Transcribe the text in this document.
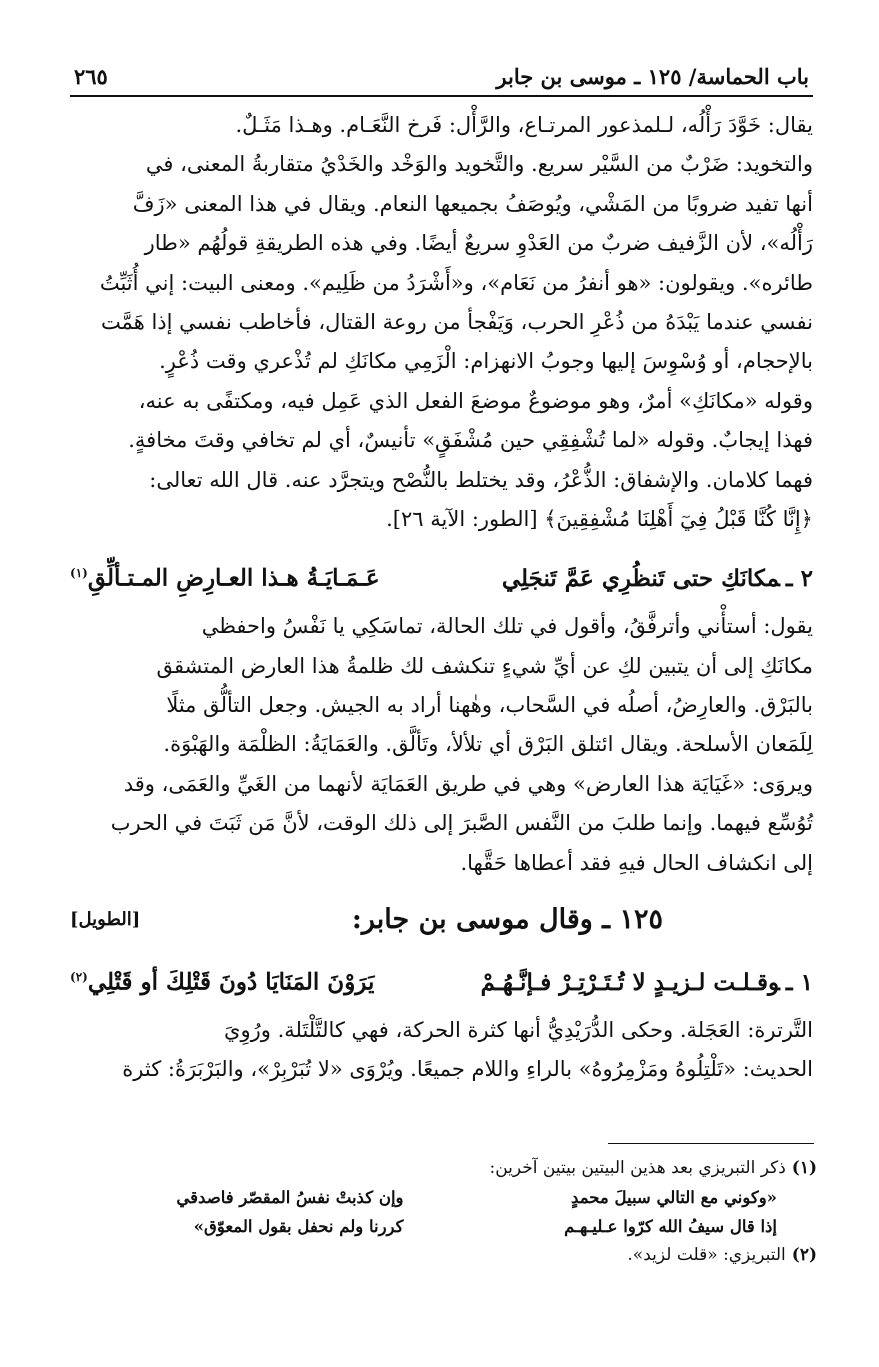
باب الحماسة/ ١٢٥ ـ موسى بن جابر
٢٦٥

يقال: خَوَّدَ رَأْلُه، لـلمذعور المرتـاع، والرَّأْل: فَرخ النَّعَـام. وهـذا مَثَـلٌ.

والتخويد: ضَرْبٌ من السَّيْر سريع. والتَّخويد والوَخْد والخَدْيُ متقاربةُ المعنى، في

أنها تفيد ضروبًا من المَشْي، ويُوصَفُ بجميعها النعام. ويقال في هذا المعنى «زَفَّ

رَأْلُه»، لأن الزَّفيف ضربٌ من العَدْوِ سريعٌ أيضًا. وفي هذه الطريقةِ قولُهُم «طار

طائره». ويقولون: «هو أنفرُ من نَعَام»، و«أَشْرَدُ من ظَلِيم». ومعنى البيت: إني أُثَبِّتُ

نفسي عندما يَبْدَهُ من ذُعْرِ الحرب، وَيَفْجأ من روعة القتال، فأخاطب نفسي إذا هَمَّت

بالإحجام، أو وُسْوِسَ إليها وجوبُ الانهزام: الْزَمِي مكانَكِ لم تُذْعري وقت ذُعْرٍ.

وقوله «مكانَكِ» أمرٌ، وهو موضوعٌ موضعَ الفعل الذي عَمِل فيه، ومكتفًى به عنه،

فهذا إيجابٌ. وقوله «لما تُشْفِقِي حين مُشْفَقٍ» تأنيسٌ، أي لم تخافي وقتَ مخافةٍ.

فهما كلامان. والإشفاق: الذُّعْرُ، وقد يختلط بالنُّصْح ويتجرَّد عنه. قال الله تعالى:

﴿إِنَّا كُنَّا قَبْلُ فِيٓ أَهْلِنَا مُشْفِقِينَ﴾ [الطور: الآية ٢٦].

٢ ـمكانَكِ حتى تَنظُرِي عَمَّ تَنجَلِي
عَـمَـايَـةُ هـذا العـارِضِ المـتـألِّقِ$^{(١)}$

يقول: أستأْني وأترفَّقُ، وأقول في تلك الحالة، تماسَكِي يا نَفْسُ واحفظي

مكانَكِ إلى أن يتبين لكِ عن أيِّ شيءٍ تنكشف لك ظلمةُ هذا العارض المتشقق

بالبَرْق. والعارِضُ، أصلُه في السَّحاب، وهٰهنا أراد به الجيش. وجعل التألُّق مثلًا

لِلَمَعان الأسلحة. ويقال ائتلق البَرْق أي تلألأ، وتَألَّق. والعَمَايَةُ: الظلْمَة والهَبْوَة.

ويروَى: «غَيَايَة هذا العارض» وهي في طريق العَمَايَة لأنهما من الغَيِّ والعَمَى، وقد

تُوُسِّع فيهما. وإنما طلبَ من النَّفس الصَّبرَ إلى ذلك الوقت، لأنَّ مَن ثَبَتَ في الحرب

إلى انكشاف الحال فيهِ فقد أعطاها حَقَّها.

١٢٥ ـ وقال موسى بن جابر:
[الطويل]
١ ـوقـلـت لـزيـدٍ لا تُـتَـرْتِـرْ فـإنَّـهُـمْ
يَرَوْنَ المَنَايَا دُونَ قَتْلِكَ أو قَتْلِي$^{(٢)}$

التَّرترة: العَجَلة. وحكى الدُّرَيْدِيُّ أنها كثرة الحركة، فهي كالتَّلْتَلة. ورُوِيَ

الحديث: «تَلْتِلُوهُ ومَزْمِرُوهُ» بالراءِ واللام جميعًا. ويُرْوَى «لا تُبَرْبِرْ»، والبَرْبَرَةُ: كثرة

(١)ذكر التبريزي بعد هذين البيتين بيتين آخرين:

«وكوني مع التالي سبيلَ محمدٍ
وإن كذبتْ نفسُ المقصّر فاصدقي
إذا قال سيفُ الله كرّوا عـليـهـم
كررنا ولم نحفل بقول المعوّق»

(٢)التبريزي: «قلت لزيد».
